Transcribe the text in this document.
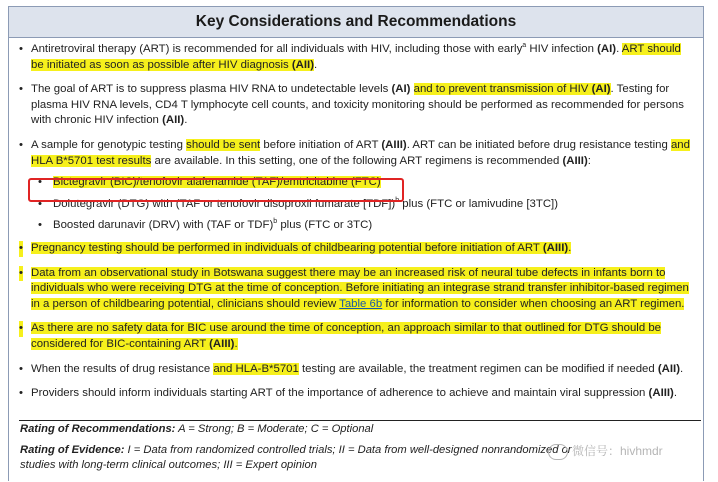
Key Considerations and Recommendations
• Antiretroviral therapy (ART) is recommended for all individuals with HIV, including those with early$^a$ HIV infection (AI). ART should be initiated as soon as possible after HIV diagnosis (AII).
• The goal of ART is to suppress plasma HIV RNA to undetectable levels (AI) and to prevent transmission of HIV (AI). Testing for plasma HIV RNA levels, CD4 T lymphocyte cell counts, and toxicity monitoring should be performed as recommended for persons with chronic HIV infection (AII).
• A sample for genotypic testing should be sent before initiation of ART (AIII). ART can be initiated before drug resistance testing and HLA B*5701 test results are available. In this setting, one of the following ART regimens is recommended (AIII):
• Bictegravir (BIC)/tenofovir alafenamide (TAF)/emtricitabine (FTC)
• Dolutegravir (DTG) with (TAF or tenofovir disoproxil fumarate [TDF])$^b$ plus (FTC or lamivudine [3TC])
• Boosted darunavir (DRV) with (TAF or TDF)$^b$ plus (FTC or 3TC)
• Pregnancy testing should be performed in individuals of childbearing potential before initiation of ART (AIII).
• Data from an observational study in Botswana suggest there may be an increased risk of neural tube defects in infants born to individuals who were receiving DTG at the time of conception. Before initiating an integrase strand transfer inhibitor-based regimen in a person of childbearing potential, clinicians should review Table 6b for information to consider when choosing an ART regimen.
• As there are no safety data for BIC use around the time of conception, an approach similar to that outlined for DTG should be considered for BIC-containing ART (AIII).
• When the results of drug resistance and HLA-B*5701 testing are available, the treatment regimen can be modified if needed (AII).
• Providers should inform individuals starting ART of the importance of adherence to achieve and maintain viral suppression (AIII).
Rating of Recommendations: A = Strong; B = Moderate; C = Optional
Rating of Evidence: I = Data from randomized controlled trials; II = Data from well-designed nonrandomized or
studies with long-term clinical outcomes; III = Expert opinion
微信号：hivhmdr
